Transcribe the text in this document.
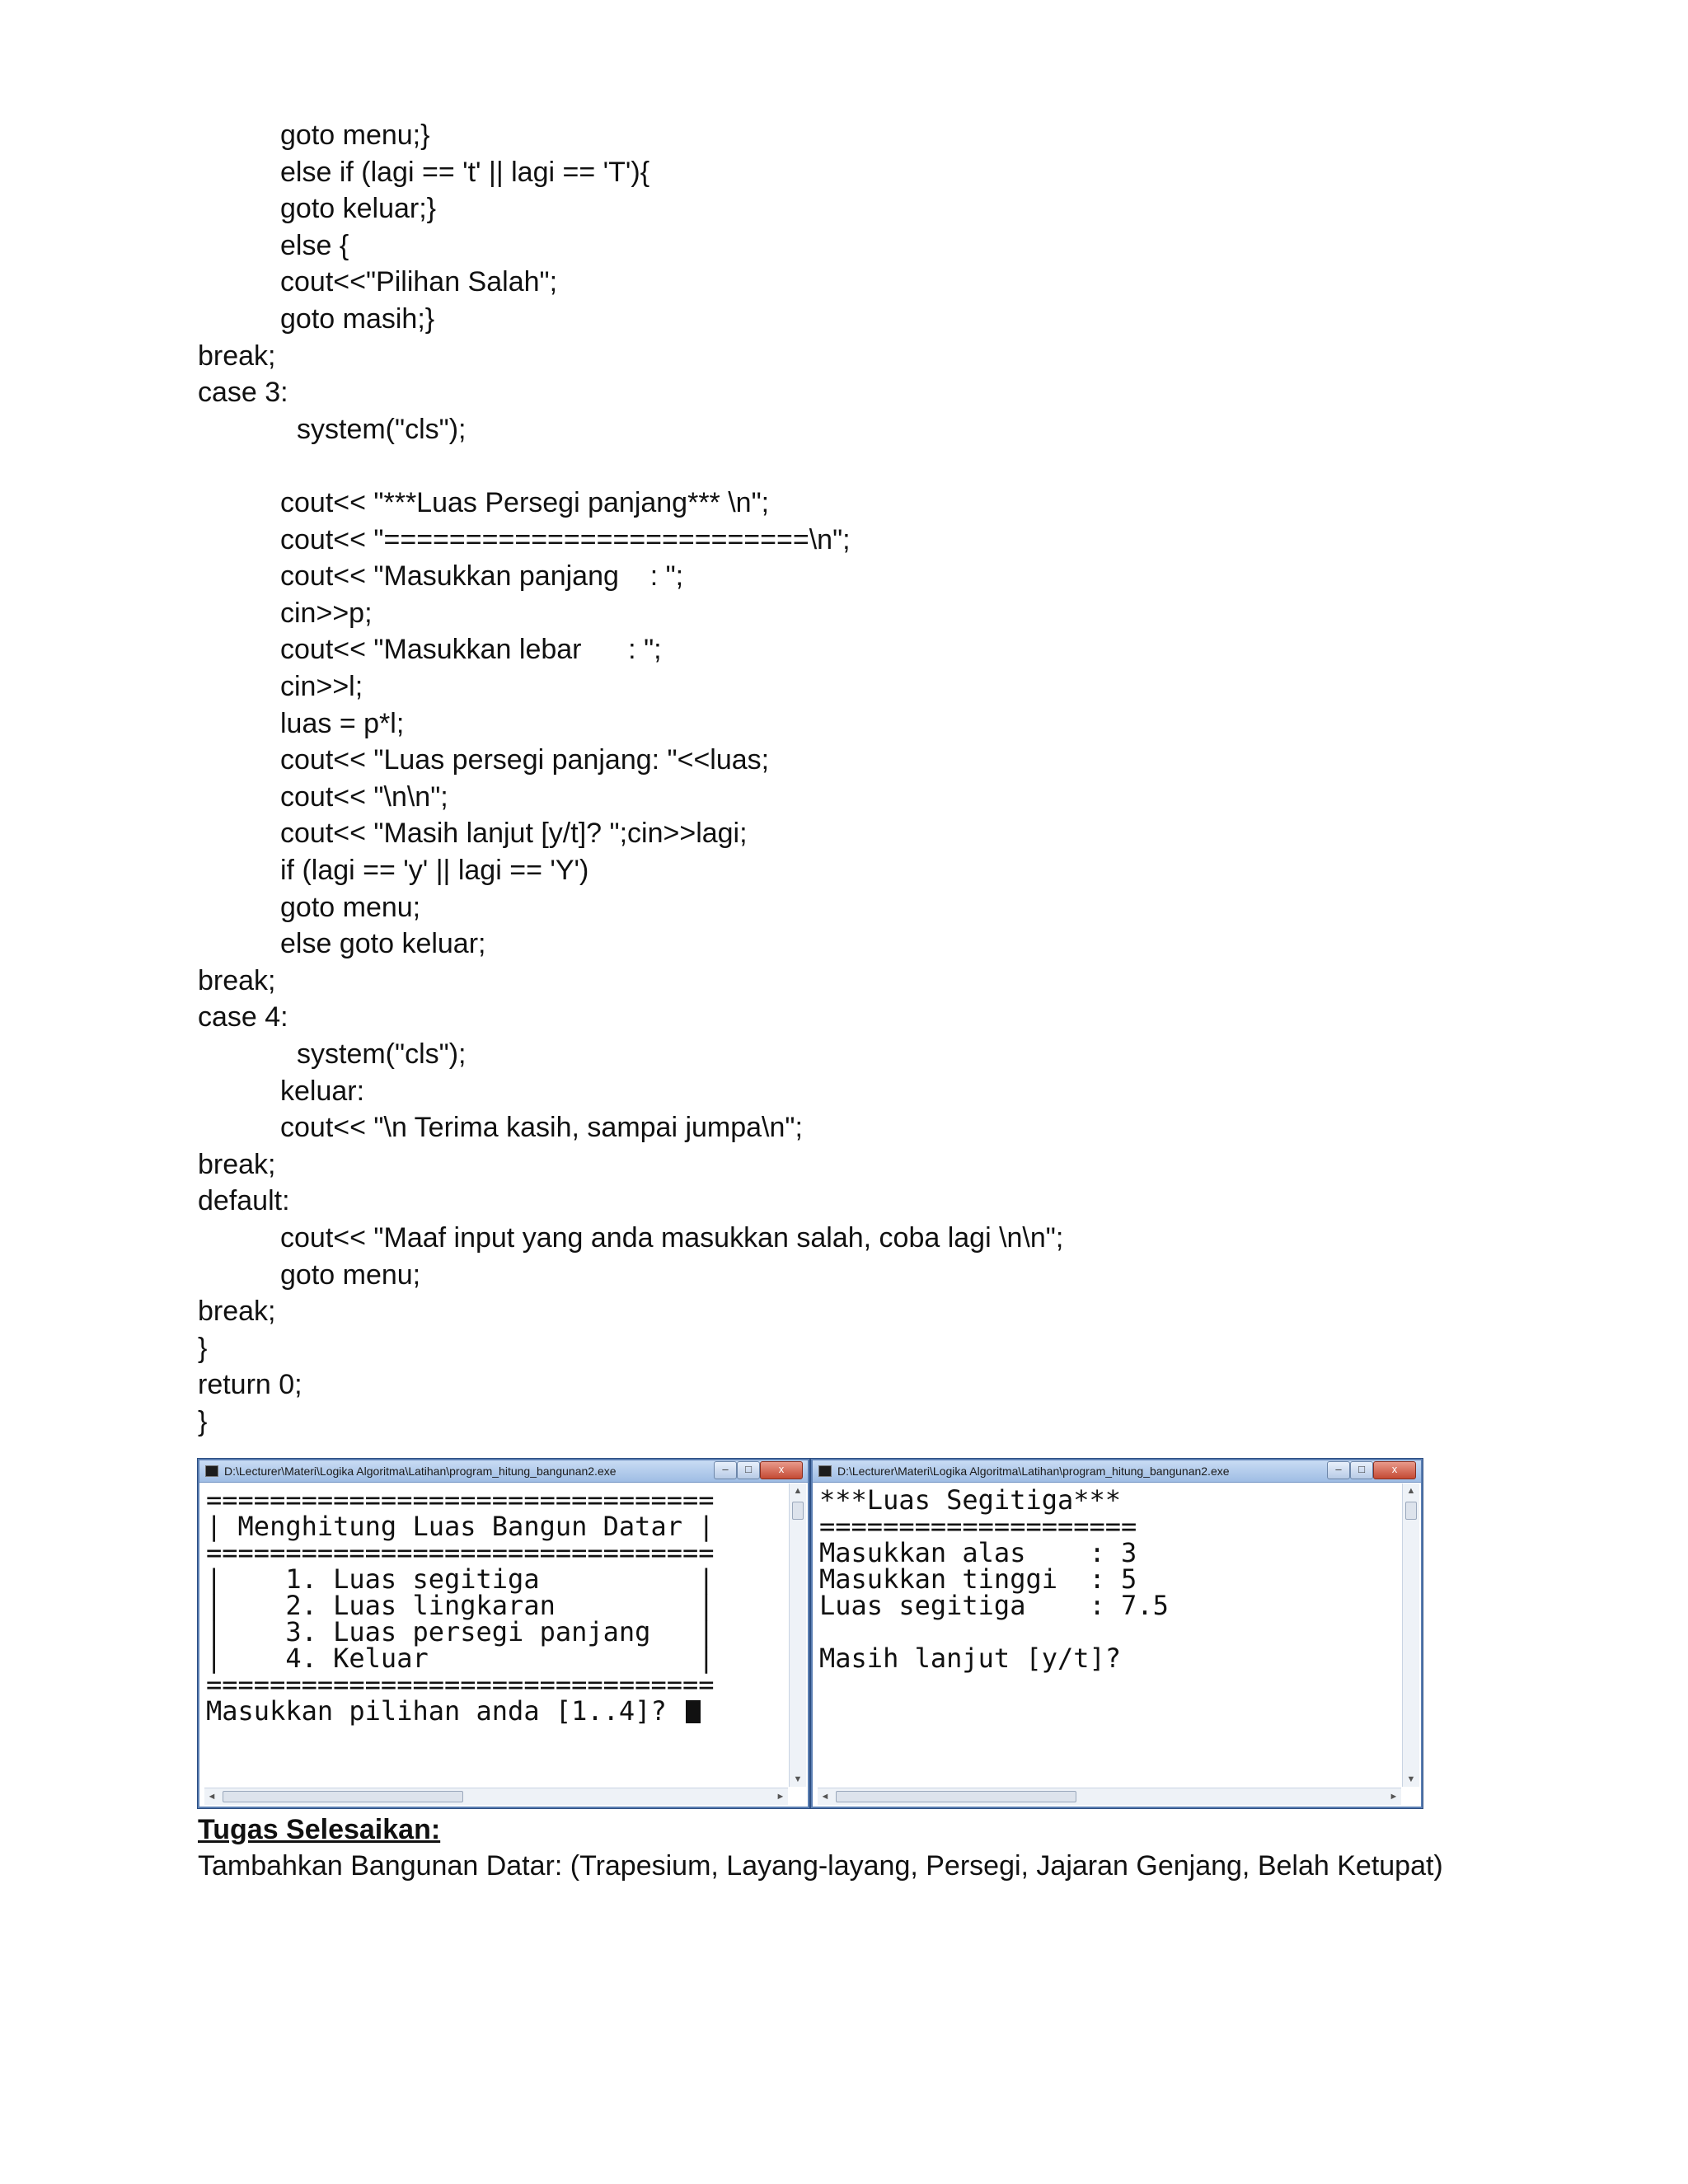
goto menu;}
else if (lagi == 't' || lagi == 'T'){
goto keluar;}
else {
cout<<"Pilihan Salah";
goto masih;}
break;
case 3:
system("cls");
cout<< "***Luas Persegi panjang*** \n";
cout<< "==========================\n";
cout<< "Masukkan panjang    : ";
cin>>p;
cout<< "Masukkan lebar      : ";
cin>>l;
luas = p*l;
cout<< "Luas persegi panjang: "<<luas;
cout<< "\n\n";
cout<< "Masih lanjut [y/t]? ";cin>>lagi;
if (lagi == 'y' || lagi == 'Y')
goto menu;
else goto keluar;
break;
case 4:
system("cls");
keluar:
cout<< "\n Terima kasih, sampai jumpa\n";
break;
default:
cout<< "Maaf input yang anda masukkan salah, coba lagi \n\n";
goto menu;
break;
}
return 0;
}
D:\Lecturer\Materi\Logika Algoritma\Latihan\program_hitung_bangunan2.exe	–	□	x
================================
| Menghitung Luas Bangun Datar |
================================
|    1. Luas segitiga          |
|    2. Luas lingkaran         |
|    3. Luas persegi panjang   |
|    4. Keluar                 |
================================
Masukkan pilihan anda [1..4]?
▲
▼
◄	►
D:\Lecturer\Materi\Logika Algoritma\Latihan\program_hitung_bangunan2.exe	–	□	x
***Luas Segitiga***
====================
Masukkan alas    : 3
Masukkan tinggi  : 5
Luas segitiga    : 7.5
Masih lanjut [y/t]?
▲
▼
◄	►
Tugas Selesaikan:
Tambahkan Bangunan Datar: (Trapesium, Layang-layang, Persegi, Jajaran Genjang, Belah Ketupat)
